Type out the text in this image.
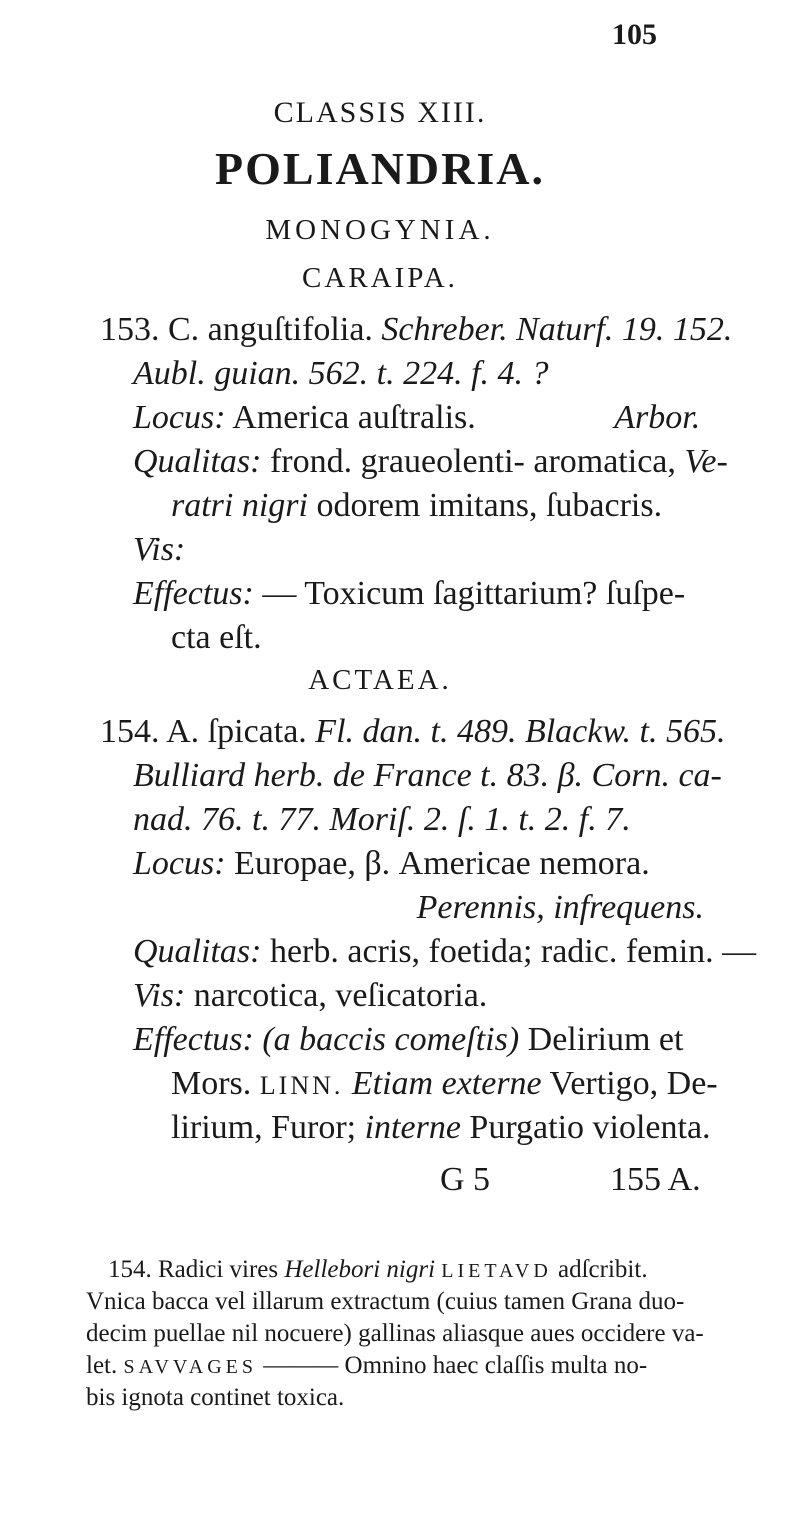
105
CLASSIS XIII.
POLIANDRIA.
MONOGYNIA.
CARAIPA.
153. C. anguſtifolia. Schreber. Naturf. 19. 152.
Aubl. guian. 562. t. 224. f. 4. ?
Locus: America auſtralis.	Arbor.
Qualitas: frond. graueolenti- aromatica, Ve-
ratri nigri odorem imitans, ſubacris.
Vis:
Effectus: — Toxicum ſagittarium? ſuſpe-
cta eſt.
ACTAEA.
154. A. ſpicata. Fl. dan. t. 489. Blackw. t. 565.
Bulliard herb. de France t. 83. β. Corn. ca-
nad. 76. t. 77. Moriſ. 2. ſ. 1. t. 2. f. 7.
Locus: Europae, β. Americae nemora.
Perennis, infrequens.
Qualitas: herb. acris, foetida; radic. femin. —
Vis: narcotica, veſicatoria.
Effectus: (a baccis comeſtis) Delirium et
Mors. LINN. Etiam externe Vertigo, De-
lirium, Furor; interne Purgatio violenta.
G 5	155 A.
154. Radici vires Hellebori nigri LIETAVD adſcribit.
Vnica bacca vel illarum extractum (cuius tamen Grana duo-
decim puellae nil nocuere) gallinas aliasque aues occidere va-
let. SAVVAGES ——— Omnino haec claſſis multa no-
bis ignota continet toxica.
